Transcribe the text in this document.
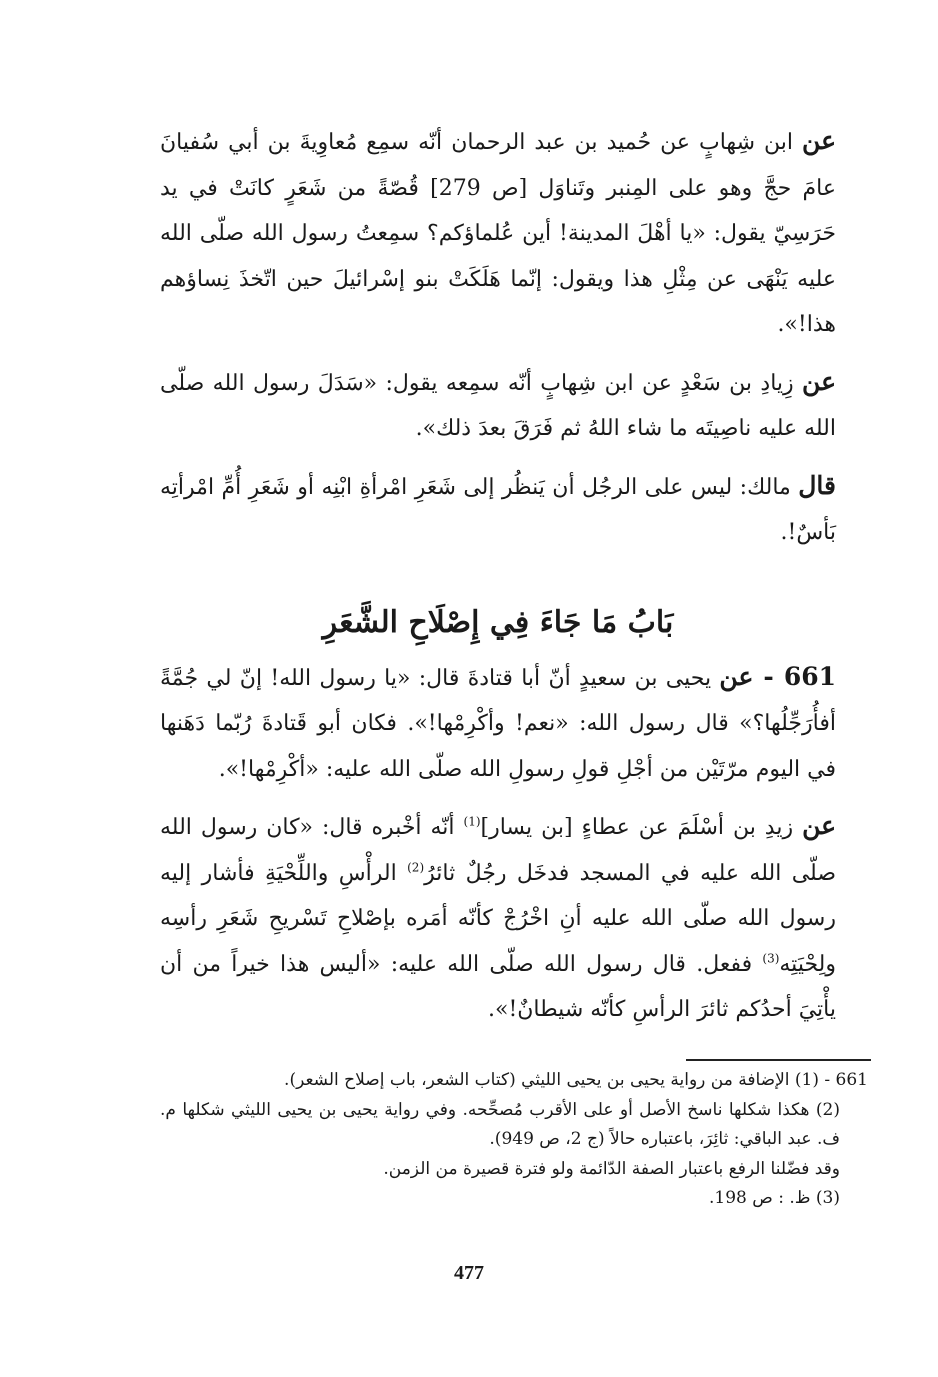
عن ابن شِهابٍ عن حُميد بن عبد الرحمان أنّه سمِع مُعاوِيةَ بن أبي سُفيانَ عامَ حجَّ وهو على المِنبر وتَناوَل [ص 279] قُصّةً من شَعَرٍ كانَتْ في يد حَرَسِيّ يقول: «يا أهْلَ المدينة! أين عُلماؤكم؟ سمِعتُ رسول الله صلّى الله عليه يَنْهَى عن مِثْلِ هذا ويقول: إنّما هَلَكَتْ بنو إسْرائيلَ حين اتّخذَ نِساؤهم هذا!».

عن زِيادِ بن سَعْدٍ عن ابن شِهابٍ أنّه سمِعه يقول: «سَدَلَ رسول الله صلّى الله عليه ناصِيتَه ما شاء اللهُ ثم فَرَقَ بعدَ ذلك».

قال مالك: ليس على الرجُل أن يَنظُر إلى شَعَرِ امْرأةِ ابْنِه أو شَعَرِ أُمِّ امْرأتِه بَأسٌ!.

بَابُ مَا جَاءَ فِي إِصْلَاحِ الشَّعَرِ

661 - عن يحيى بن سعيدٍ أنّ أبا قتادةَ قال: «يا رسول الله! إنّ لي جُمَّةً أفأُرَجِّلُها؟» قال رسول الله: «نعم! وأكْرِمْها!». فكان أبو قَتادةَ رُبّما دَهَنها في اليوم مرّتَيْن من أجْلِ قولِ رسولِ الله صلّى الله عليه: «أكْرِمْها!».

عن زيدِ بن أسْلَمَ عن عطاءٍ [بن يسار]$^{(1)}$ أنّه أخْبره قال: «كان رسول الله صلّى الله عليه في المسجد فدخَل رجُلٌ ثائرُ$^{(2)}$ الرأْسِ واللِّحْيَةِ فأشار إليه رسول الله صلّى الله عليه أنِ اخْرُجْ كأنّه أمَره بإصْلاحِ تَسْريحِ شَعَرِ رأسِه ولِحْيَتِه$^{(3)}$ ففعل. قال رسول الله صلّى الله عليه: «أليس هذا خيراً من أن يأْتِيَ أحدُكم ثائرَ الرأسِ كأنّه شيطانٌ!».

661 - (1) الإضافة من رواية يحيى بن يحيى الليثي (كتاب الشعر، باب إصلاح الشعر).

(2) هكذا شكلها ناسخ الأصل أو على الأقرب مُصحِّحه. وفي رواية يحيى بن يحيى الليثي شكلها م. ف. عبد الباقي: ثائِرَ، باعتباره حالاً (ج 2، ص 949).

وقد فضّلنا الرفع باعتبار الصفة الدّائمة ولو فترة قصيرة من الزمن.

(3) ظ. : ص 198.

477
